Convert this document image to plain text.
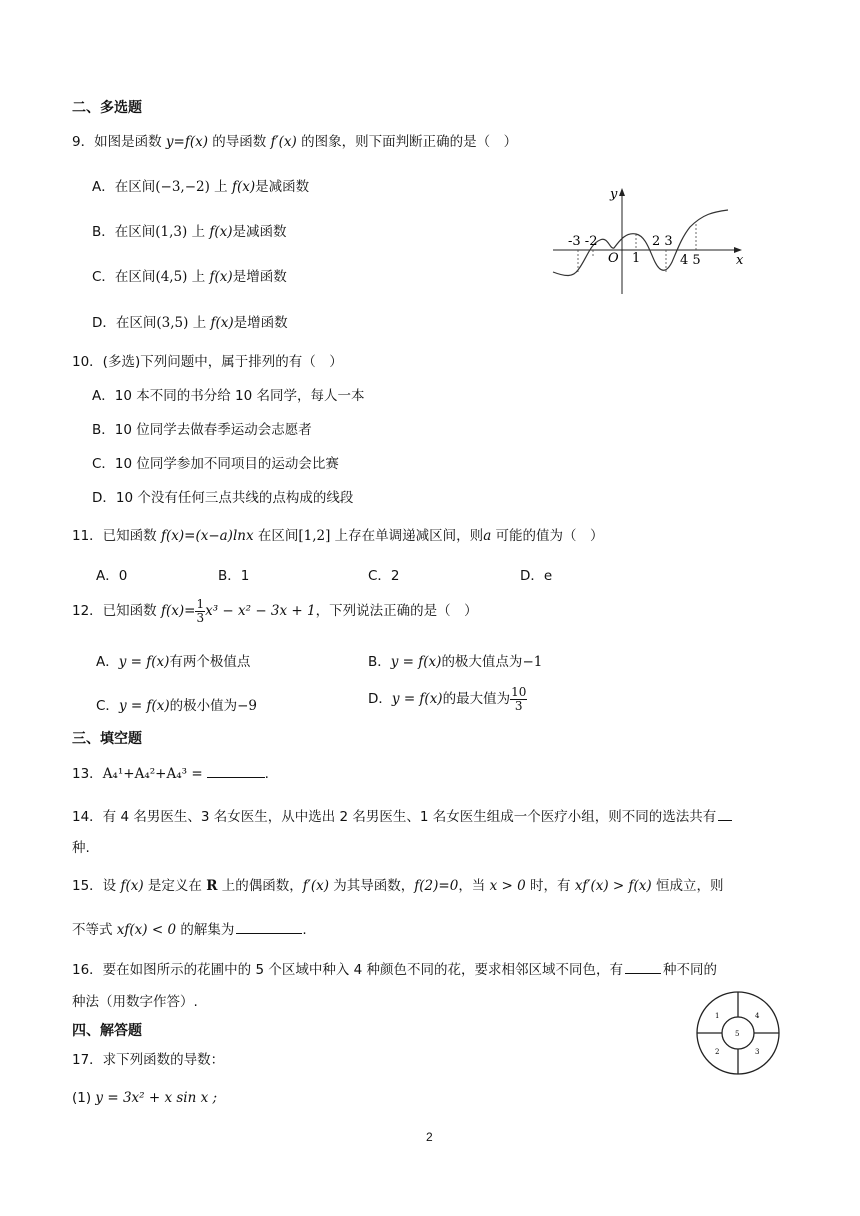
二、多选题
9．如图是函数 y=f(x) 的导函数 f′(x) 的图象，则下面判断正确的是（　）
A．在区间(−3,−2) 上 f(x)是减函数
B．在区间(1,3) 上 f(x)是减函数
C．在区间(4,5) 上 f(x)是增函数
D．在区间(3,5) 上 f(x)是增函数
y
x
O
-3 -2
1
2 3
4 5
10．(多选)下列问题中，属于排列的有（　）
A．10 本不同的书分给 10 名同学，每人一本
B．10 位同学去做春季运动会志愿者
C．10 位同学参加不同项目的运动会比赛
D．10 个没有任何三点共线的点构成的线段
11．已知函数 f(x)=(x−a)lnx 在区间[1,2] 上存在单调递减区间，则a 可能的值为（　）
A．0	B．1	C．2	D．e
12．已知函数 $f(x)= \frac{1}{3} x^3 - x^2 - 3x + 1$，下列说法正确的是（　）
A．y = f(x)有两个极值点	B．y = f(x)的极大值点为−1
C．y = f(x)的极小值为−9	D．y = f(x)的最大值为 $\frac{10}{3}$
三、填空题
13．A₄¹+A₄²+A₄³ =	.
14．有 4 名男医生、3 名女医生，从中选出 2 名男医生、1 名女医生组成一个医疗小组，则不同的选法共有
种.
15．设 f(x) 是定义在 R 上的偶函数，f′(x) 为其导函数，f(2)=0，当 x > 0 时，有 xf′(x) > f(x) 恒成立，则
不等式 xf(x) < 0 的解集为	.
16．要在如图所示的花圃中的 5 个区域中种入 4 种颜色不同的花，要求相邻区域不同色，有	种不同的
种法（用数字作答）.
1	4
5
2	3
四、解答题
17．求下列函数的导数：
(1) y = 3x² + x sin x ;
2
